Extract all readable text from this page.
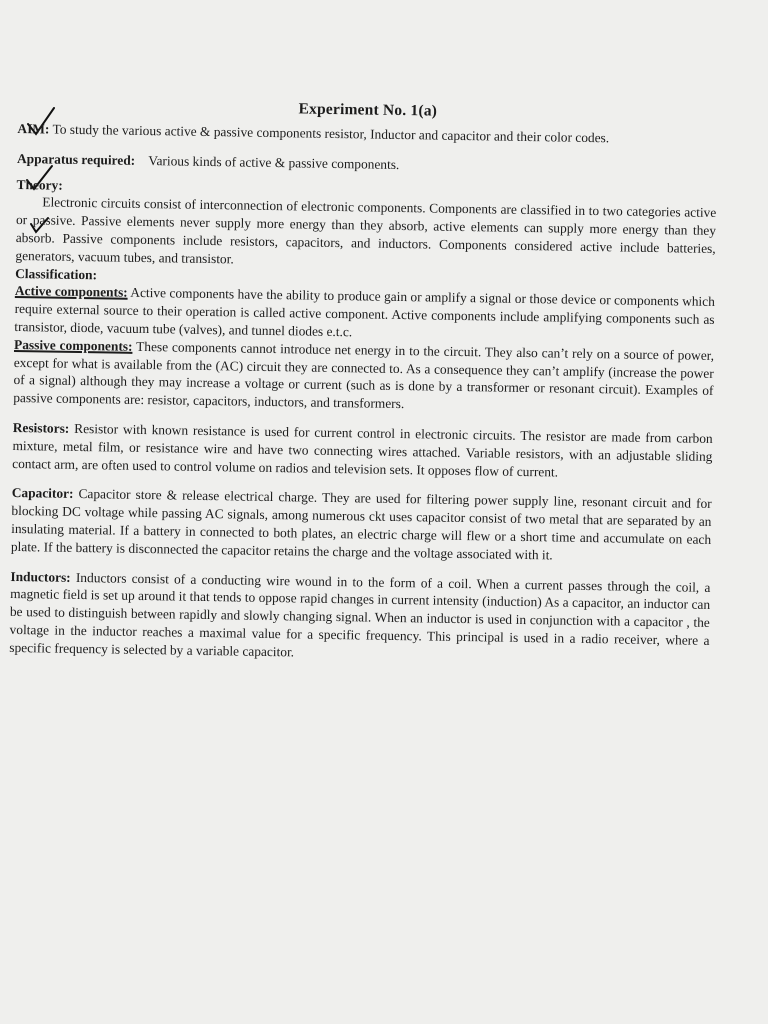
Experiment No. 1(a)

AIM: To study the various active & passive components resistor, Inductor and capacitor and their color codes.

Apparatus required: Various kinds of active & passive components.

Theory:

Electronic circuits consist of interconnection of electronic components. Components are classified in to two categories active or passive. Passive elements never supply more energy than they absorb, active elements can supply more energy than they absorb. Passive components include resistors, capacitors, and inductors. Components considered active include batteries, generators, vacuum tubes, and transistor.

Classification:

Active components: Active components have the ability to produce gain or amplify a signal or those device or components which require external source to their operation is called active component. Active components include amplifying components such as transistor, diode, vacuum tube (valves), and tunnel diodes e.t.c.

Passive components: These components cannot introduce net energy in to the circuit. They also can’t rely on a source of power, except for what is available from the (AC) circuit they are connected to. As a consequence they can’t amplify (increase the power of a signal) although they may increase a voltage or current (such as is done by a transformer or resonant circuit). Examples of passive components are: resistor, capacitors, inductors, and transformers.

Resistors: Resistor with known resistance is used for current control in electronic circuits. The resistor are made from carbon mixture, metal film, or resistance wire and have two connecting wires attached. Variable resistors, with an adjustable sliding contact arm, are often used to control volume on radios and television sets. It opposes flow of current.

Capacitor: Capacitor store & release electrical charge. They are used for filtering power supply line, resonant circuit and for blocking DC voltage while passing AC signals, among numerous ckt uses capacitor consist of two metal that are separated by an insulating material. If a battery in connected to both plates, an electric charge will flew or a short time and accumulate on each plate. If the battery is disconnected the capacitor retains the charge and the voltage associated with it.

Inductors: Inductors consist of a conducting wire wound in to the form of a coil. When a current passes through the coil, a magnetic field is set up around it that tends to oppose rapid changes in current intensity (induction) As a capacitor, an inductor can be used to distinguish between rapidly and slowly changing signal. When an inductor is used in conjunction with a capacitor , the voltage in the inductor reaches a maximal value for a specific frequency. This principal is used in a radio receiver, where a specific frequency is selected by a variable capacitor.
